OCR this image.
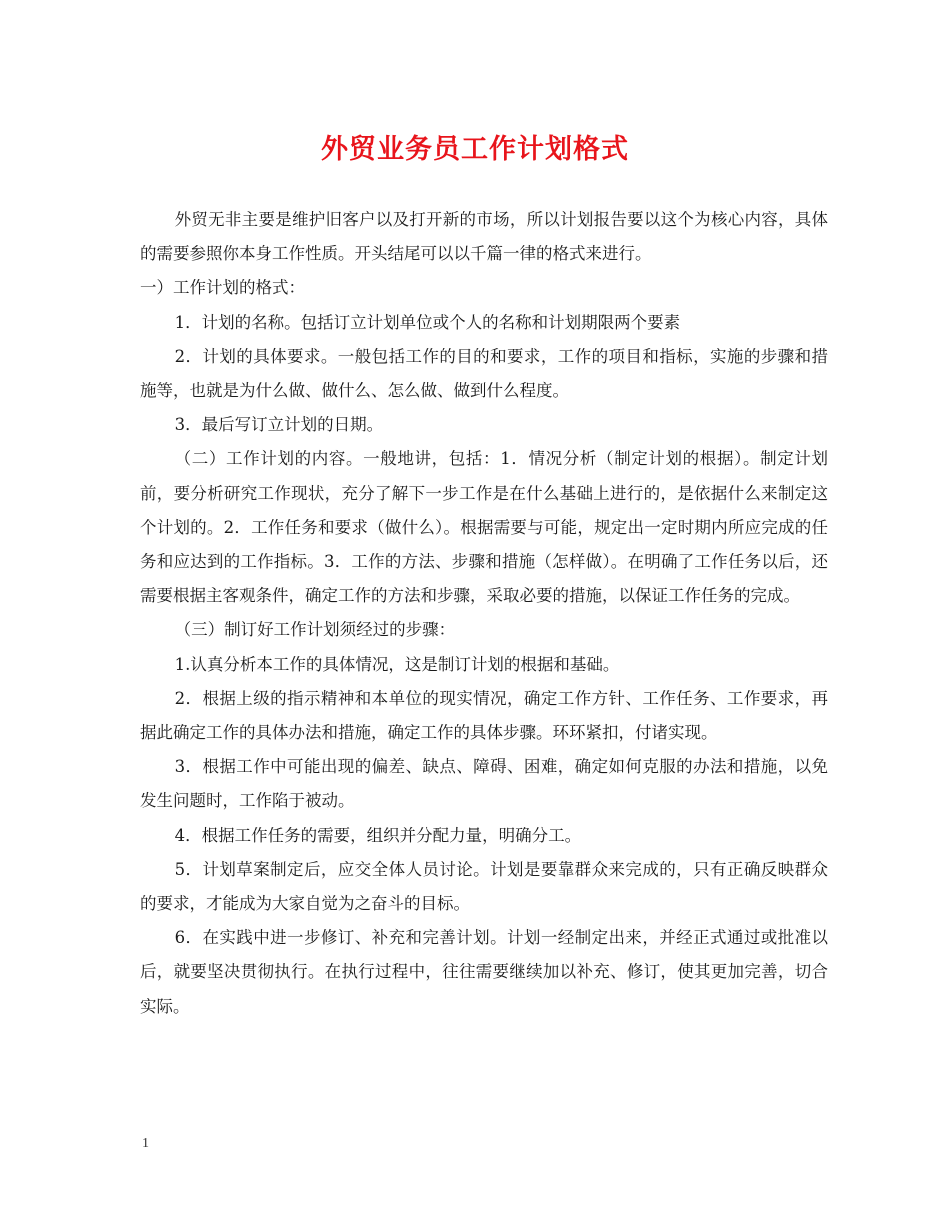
外贸业务员工作计划格式

外贸无非主要是维护旧客户以及打开新的市场，所以计划报告要以这个为核心内容，具体的需要参照你本身工作性质。开头结尾可以以千篇一律的格式来进行。

一）工作计划的格式：

1．计划的名称。包括订立计划单位或个人的名称和计划期限两个要素

2．计划的具体要求。一般包括工作的目的和要求，工作的项目和指标，实施的步骤和措施等，也就是为什么做、做什么、怎么做、做到什么程度。

3．最后写订立计划的日期。

（二）工作计划的内容。一般地讲，包括：1．情况分析（制定计划的根据）。制定计划前，要分析研究工作现状，充分了解下一步工作是在什么基础上进行的，是依据什么来制定这个计划的。2．工作任务和要求（做什么）。根据需要与可能，规定出一定时期内所应完成的任务和应达到的工作指标。3．工作的方法、步骤和措施（怎样做）。在明确了工作任务以后，还需要根据主客观条件，确定工作的方法和步骤，采取必要的措施，以保证工作任务的完成。

（三）制订好工作计划须经过的步骤：

1.认真分析本工作的具体情况，这是制订计划的根据和基础。

2．根据上级的指示精神和本单位的现实情况，确定工作方针、工作任务、工作要求，再据此确定工作的具体办法和措施，确定工作的具体步骤。环环紧扣，付诸实现。

3．根据工作中可能出现的偏差、缺点、障碍、困难，确定如何克服的办法和措施，以免发生问题时，工作陷于被动。

4．根据工作任务的需要，组织并分配力量，明确分工。

5．计划草案制定后，应交全体人员讨论。计划是要靠群众来完成的，只有正确反映群众的要求，才能成为大家自觉为之奋斗的目标。

6．在实践中进一步修订、补充和完善计划。计划一经制定出来，并经正式通过或批准以后，就要坚决贯彻执行。在执行过程中，往往需要继续加以补充、修订，使其更加完善，切合实际。

1
